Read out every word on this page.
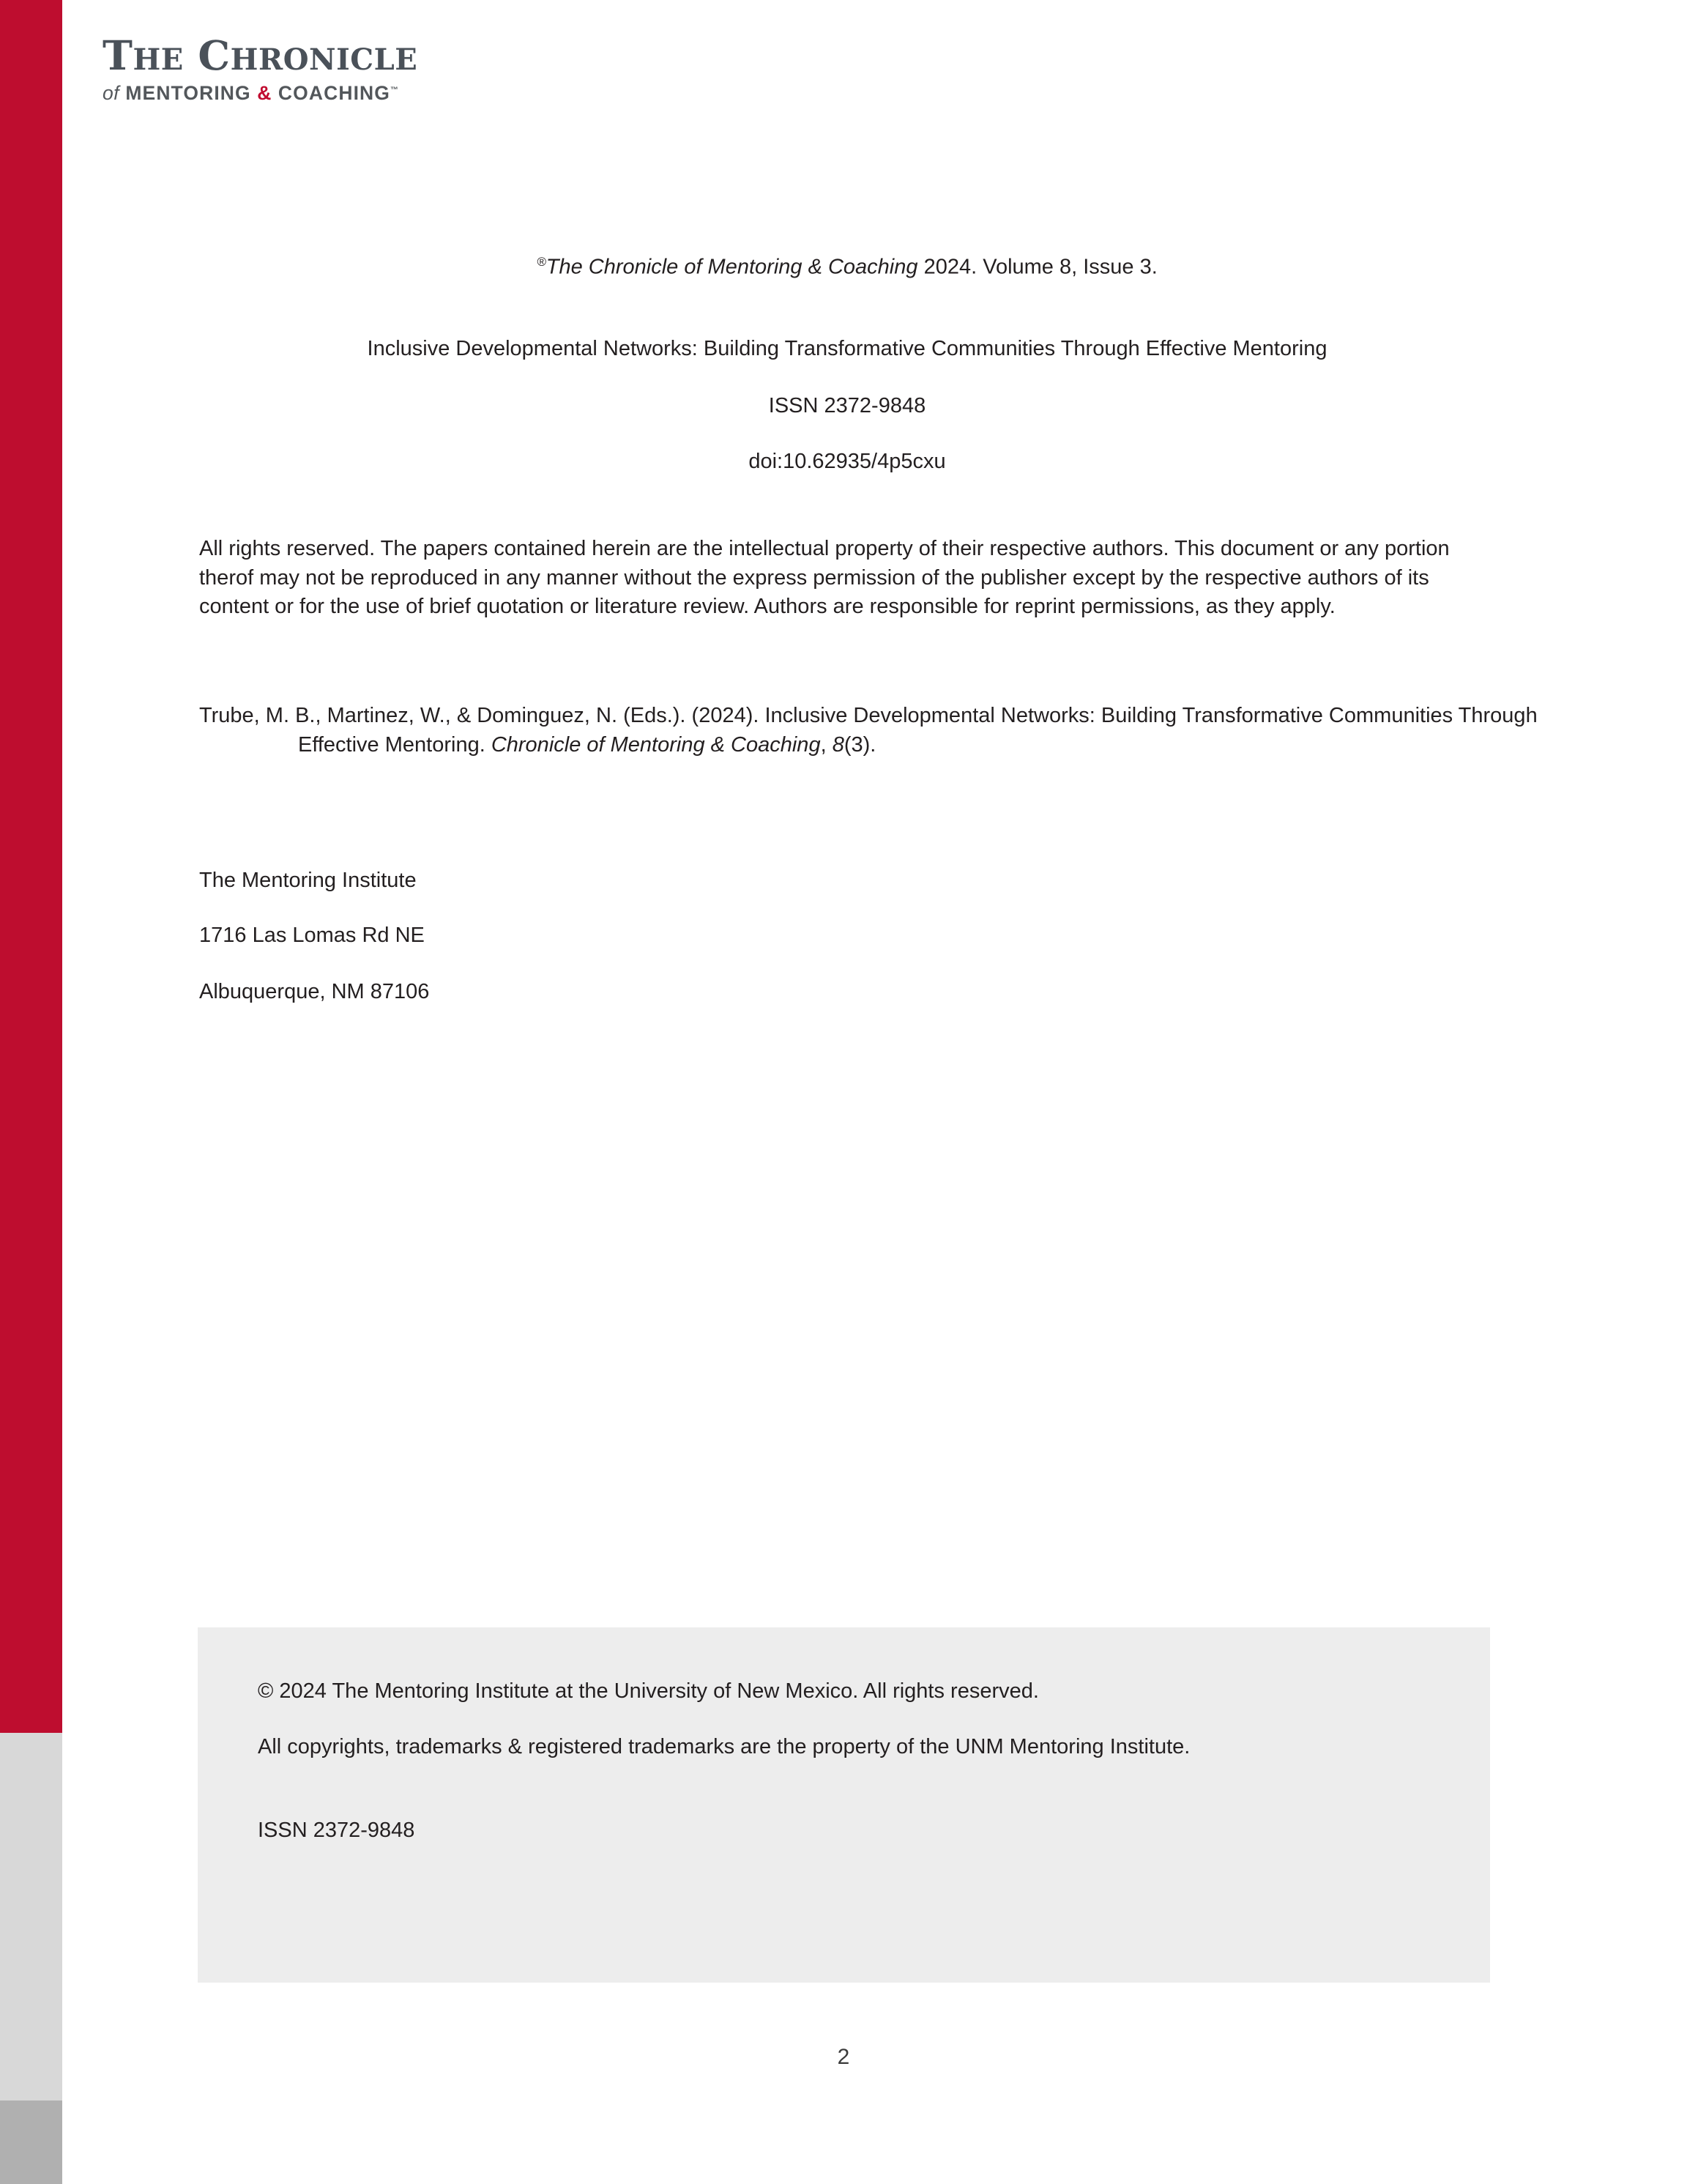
THE CHRONICLE
of MENTORING & COACHING™
®The Chronicle of Mentoring & Coaching 2024. Volume 8, Issue 3.
Inclusive Developmental Networks: Building Transformative Communities Through Effective Mentoring
ISSN 2372-9848
doi:10.62935/4p5cxu
All rights reserved. The papers contained herein are the intellectual property of their respective authors. This document or any portion therof may not be reproduced in any manner without the express permission of the publisher except by the respective authors of its content or for the use of brief quotation or literature review. Authors are responsible for reprint permissions, as they apply.
Trube, M. B., Martinez, W., & Dominguez, N. (Eds.). (2024). Inclusive Developmental Networks: Building Transformative Communities Through Effective Mentoring. Chronicle of Mentoring & Coaching, 8(3).
The Mentoring Institute
1716 Las Lomas Rd NE
Albuquerque, NM 87106
© 2024 The Mentoring Institute at the University of New Mexico. All rights reserved.
All copyrights, trademarks & registered trademarks are the property of the UNM Mentoring Institute.
ISSN 2372-9848
2
